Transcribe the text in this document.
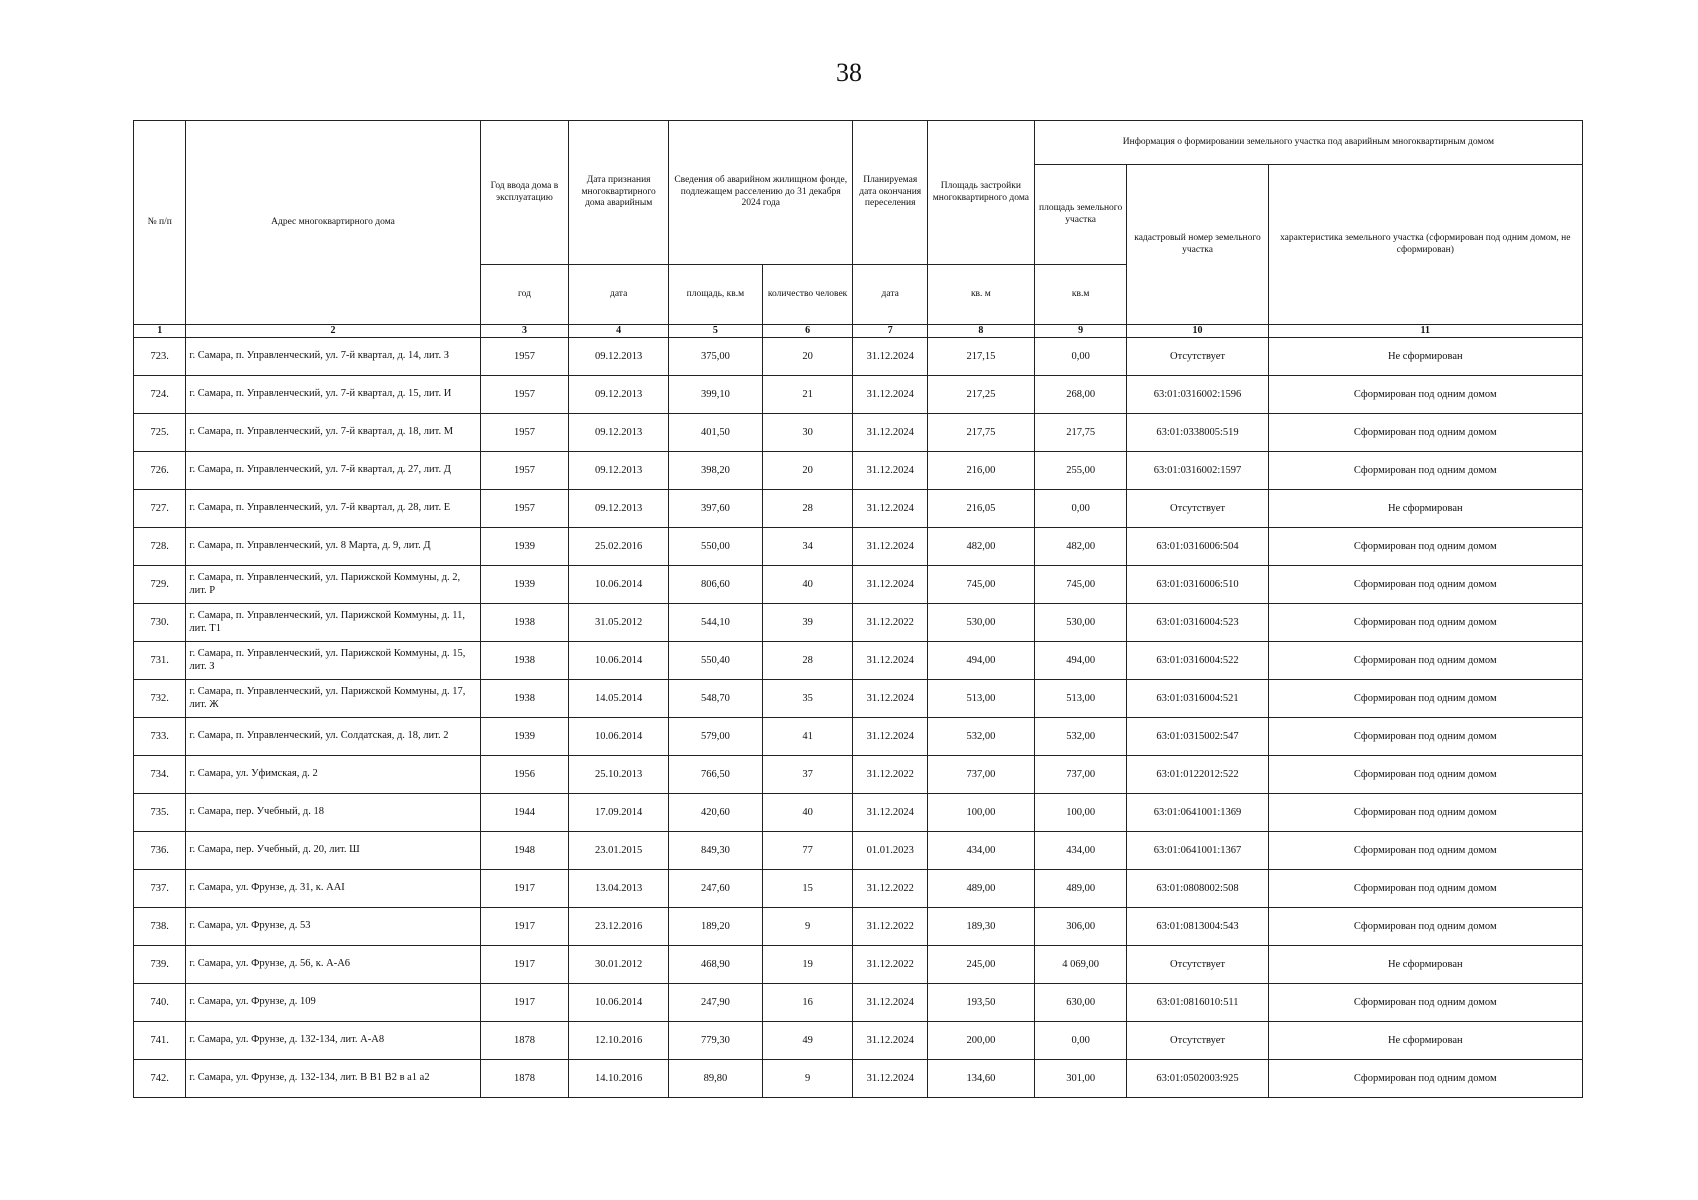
38
№ п/п	Адрес многоквартирного дома	Год ввода дома в эксплуатацию	Дата признания многоквартирного дома аварийным	Сведения об аварийном жилищном фонде, подлежащем расселению до 31 декабря 2024 года		Планируемая дата окончания переселения	Площадь застройки многоквартирного дома	Информация о формировании земельного участка под аварийным многоквартирным домом		
								площадь земельного участка	кадастровый номер земельного участка	характеристика земельного участка (сформирован под одним домом, не сформирован)
		год	дата	площадь, кв.м	количество человек	дата	кв. м	кв.м		
1	2	3	4	5	6	7	8	9	10	11
723.	г. Самара, п. Управленческий, ул. 7-й квартал, д. 14, лит. З	1957	09.12.2013	375,00	20	31.12.2024	217,15	0,00	Отсутствует	Не сформирован
724.	г. Самара, п. Управленческий, ул. 7-й квартал, д. 15, лит. И	1957	09.12.2013	399,10	21	31.12.2024	217,25	268,00	63:01:0316002:1596	Сформирован под одним домом
725.	г. Самара, п. Управленческий, ул. 7-й квартал, д. 18, лит. М	1957	09.12.2013	401,50	30	31.12.2024	217,75	217,75	63:01:0338005:519	Сформирован под одним домом
726.	г. Самара, п. Управленческий, ул. 7-й квартал, д. 27, лит. Д	1957	09.12.2013	398,20	20	31.12.2024	216,00	255,00	63:01:0316002:1597	Сформирован под одним домом
727.	г. Самара, п. Управленческий, ул. 7-й квартал, д. 28, лит. Е	1957	09.12.2013	397,60	28	31.12.2024	216,05	0,00	Отсутствует	Не сформирован
728.	г. Самара, п. Управленческий, ул. 8 Марта, д. 9, лит. Д	1939	25.02.2016	550,00	34	31.12.2024	482,00	482,00	63:01:0316006:504	Сформирован под одним домом
729.	г. Самара, п. Управленческий, ул. Парижской Коммуны, д. 2, лит. Р	1939	10.06.2014	806,60	40	31.12.2024	745,00	745,00	63:01:0316006:510	Сформирован под одним домом
730.	г. Самара, п. Управленческий, ул. Парижской Коммуны, д. 11, лит. Т1	1938	31.05.2012	544,10	39	31.12.2022	530,00	530,00	63:01:0316004:523	Сформирован под одним домом
731.	г. Самара, п. Управленческий, ул. Парижской Коммуны, д. 15, лит. З	1938	10.06.2014	550,40	28	31.12.2024	494,00	494,00	63:01:0316004:522	Сформирован под одним домом
732.	г. Самара, п. Управленческий, ул. Парижской Коммуны, д. 17, лит. Ж	1938	14.05.2014	548,70	35	31.12.2024	513,00	513,00	63:01:0316004:521	Сформирован под одним домом
733.	г. Самара, п. Управленческий, ул. Солдатская, д. 18, лит. 2	1939	10.06.2014	579,00	41	31.12.2024	532,00	532,00	63:01:0315002:547	Сформирован под одним домом
734.	г. Самара, ул. Уфимская, д. 2	1956	25.10.2013	766,50	37	31.12.2022	737,00	737,00	63:01:0122012:522	Сформирован под одним домом
735.	г. Самара, пер. Учебный, д. 18	1944	17.09.2014	420,60	40	31.12.2024	100,00	100,00	63:01:0641001:1369	Сформирован под одним домом
736.	г. Самара, пер. Учебный, д. 20, лит. Ш	1948	23.01.2015	849,30	77	01.01.2023	434,00	434,00	63:01:0641001:1367	Сформирован под одним домом
737.	г. Самара, ул. Фрунзе, д. 31, к. ААI	1917	13.04.2013	247,60	15	31.12.2022	489,00	489,00	63:01:0808002:508	Сформирован под одним домом
738.	г. Самара, ул. Фрунзе, д. 53	1917	23.12.2016	189,20	9	31.12.2022	189,30	306,00	63:01:0813004:543	Сформирован под одним домом
739.	г. Самара, ул. Фрунзе, д. 56, к. А-А6	1917	30.01.2012	468,90	19	31.12.2022	245,00	4 069,00	Отсутствует	Не сформирован
740.	г. Самара, ул. Фрунзе, д. 109	1917	10.06.2014	247,90	16	31.12.2024	193,50	630,00	63:01:0816010:511	Сформирован под одним домом
741.	г. Самара, ул. Фрунзе, д. 132-134, лит. А-А8	1878	12.10.2016	779,30	49	31.12.2024	200,00	0,00	Отсутствует	Не сформирован
742.	г. Самара, ул. Фрунзе, д. 132-134, лит. В В1 В2 в а1 а2	1878	14.10.2016	89,80	9	31.12.2024	134,60	301,00	63:01:0502003:925	Сформирован под одним домом
